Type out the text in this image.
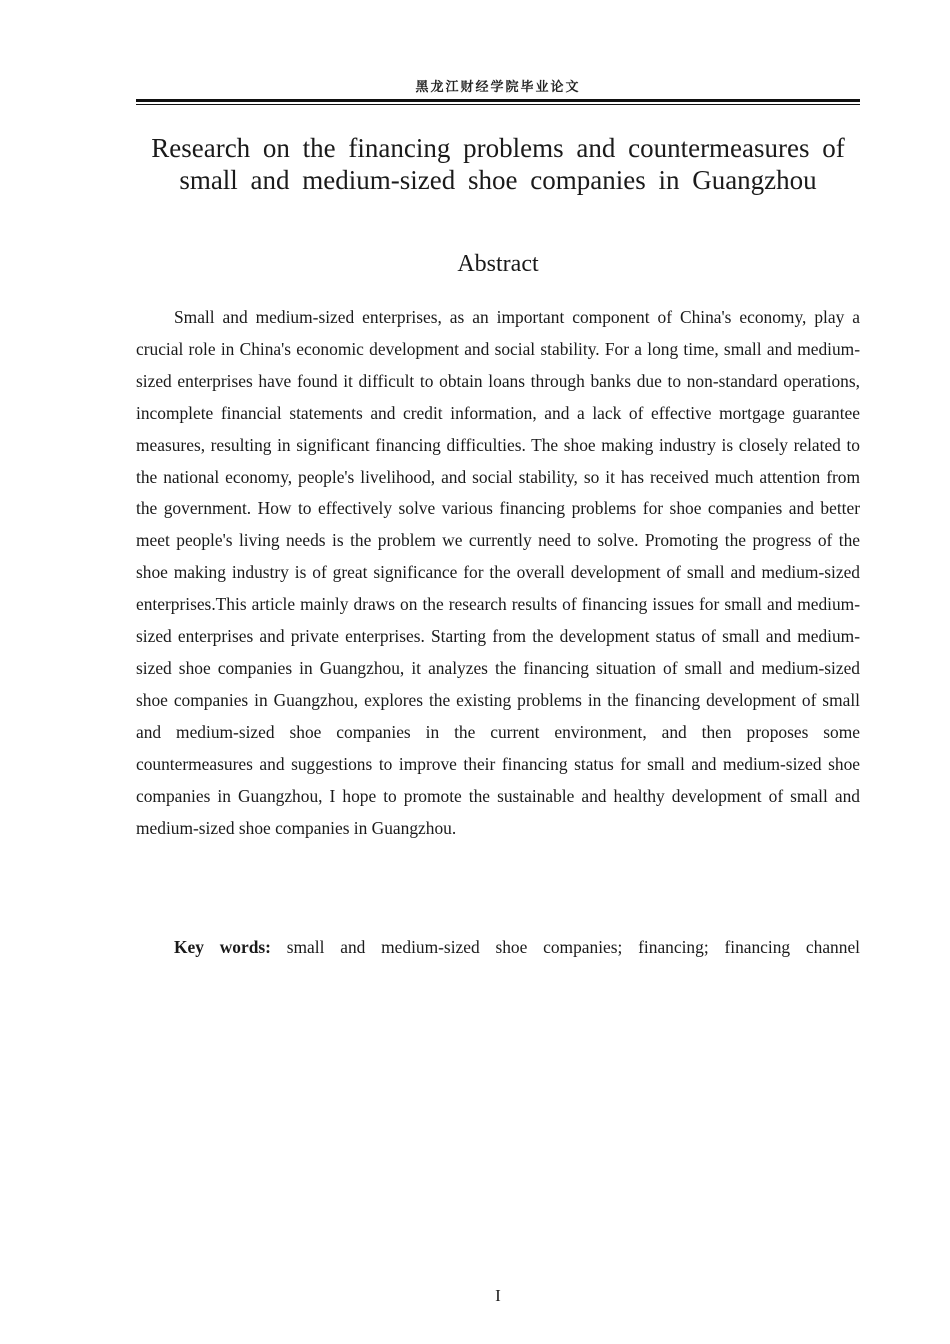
黑龙江财经学院毕业论文
Research on the financing problems and countermeasures of small and medium-sized shoe companies in Guangzhou
Abstract

Small and medium-sized enterprises, as an important component of China's economy, play a crucial role in China's economic development and social stability. For a long time, small and medium-sized enterprises have found it difficult to obtain loans through banks due to non-standard operations, incomplete financial statements and credit information, and a lack of effective mortgage guarantee measures, resulting in significant financing difficulties. The shoe making industry is closely related to the national economy, people's livelihood, and social stability, so it has received much attention from the government. How to effectively solve various financing problems for shoe companies and better meet people's living needs is the problem we currently need to solve. Promoting the progress of the shoe making industry is of great significance for the overall development of small and medium-sized enterprises.This article mainly draws on the research results of financing issues for small and medium-sized enterprises and private enterprises. Starting from the development status of small and medium-sized shoe companies in Guangzhou, it analyzes the financing situation of small and medium-sized shoe companies in Guangzhou, explores the existing problems in the financing development of small and medium-sized shoe companies in the current environment, and then proposes some countermeasures and suggestions to improve their financing status for small and medium-sized shoe companies in Guangzhou, I hope to promote the sustainable and healthy development of small and medium-sized shoe companies in Guangzhou.

Key words: small and medium-sized shoe companies; financing; financing channel
I
